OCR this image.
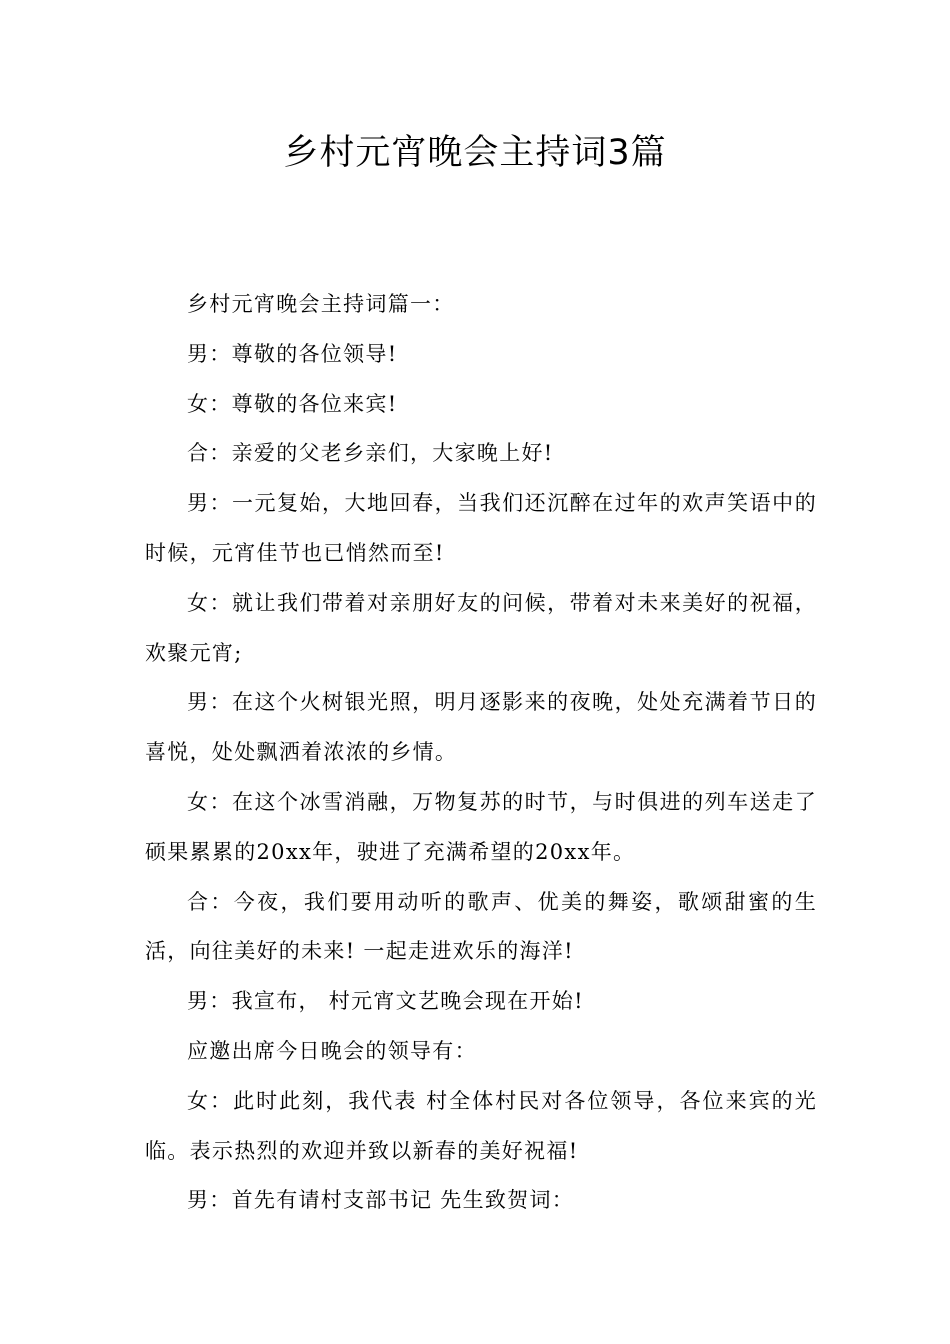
乡村元宵晚会主持词3篇

乡村元宵晚会主持词篇一：

男：尊敬的各位领导!

女：尊敬的各位来宾!

合：亲爱的父老乡亲们，大家晚上好!

男：一元复始，大地回春，当我们还沉醉在过年的欢声笑语中的时候，元宵佳节也已悄然而至!

女：就让我们带着对亲朋好友的问候，带着对未来美好的祝福，欢聚元宵;

男：在这个火树银光照，明月逐影来的夜晚，处处充满着节日的喜悦，处处飘洒着浓浓的乡情。

女：在这个冰雪消融，万物复苏的时节，与时俱进的列车送走了硕果累累的20xx年，驶进了充满希望的20xx年。

合：今夜，我们要用动听的歌声、优美的舞姿，歌颂甜蜜的生活，向往美好的未来! 一起走进欢乐的海洋!

男：我宣布， 村元宵文艺晚会现在开始!

应邀出席今日晚会的领导有：

女：此时此刻，我代表 村全体村民对各位领导，各位来宾的光临。表示热烈的欢迎并致以新春的美好祝福!

男：首先有请村支部书记 先生致贺词：
